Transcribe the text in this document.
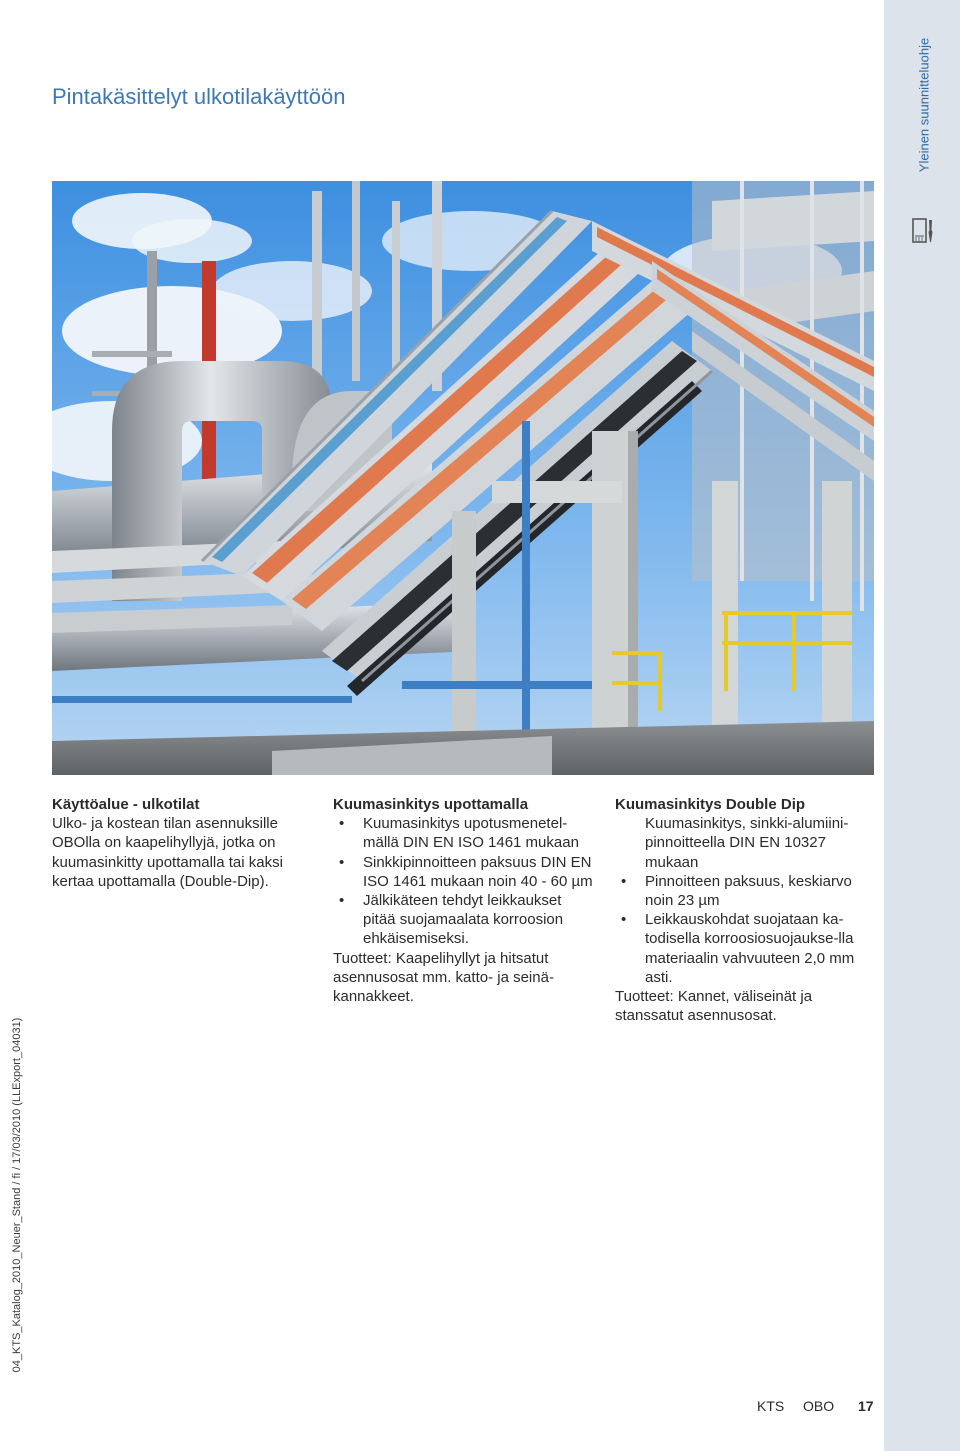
Yleinen suunnitteluohje
Pintakäsittelyt ulkotilakäyttöön
Käyttöalue - ulkotilat

Ulko- ja kostean tilan asennuksille OBOlla on kaapelihyllyjä, jotka on kuumasinkitty upottamalla tai kaksi kertaa upottamalla (Double-Dip).

Kuumasinkitys upottamalla
• Kuumasinkitys upotusmenetel-mällä DIN EN ISO 1461 mukaan
• Sinkkipinnoitteen paksuus DIN EN ISO 1461 mukaan noin 40 - 60 µm
• Jälkikäteen tehdyt leikkaukset pitää suojamaalata korroosion ehkäisemiseksi.

Tuotteet: Kaapelihyllyt ja hitsatut asennusosat mm. katto- ja seinä-kannakkeet.

Kuumasinkitys Double Dip

Kuumasinkitys, sinkki-alumiini-pinnoitteella DIN EN 10327 mukaan

• Pinnoitteen paksuus, keskiarvo noin 23 µm
• Leikkauskohdat suojataan ka-todisella korroosiosuojaukse-lla materiaalin vahvuuteen 2,0 mm asti.

Tuotteet: Kannet, väliseinät ja stanssatut asennusosat.

04_KTS_Katalog_2010_Neuer_Stand / fi / 17/03/2010 (LLExport_04031)
KTS OBO 17
